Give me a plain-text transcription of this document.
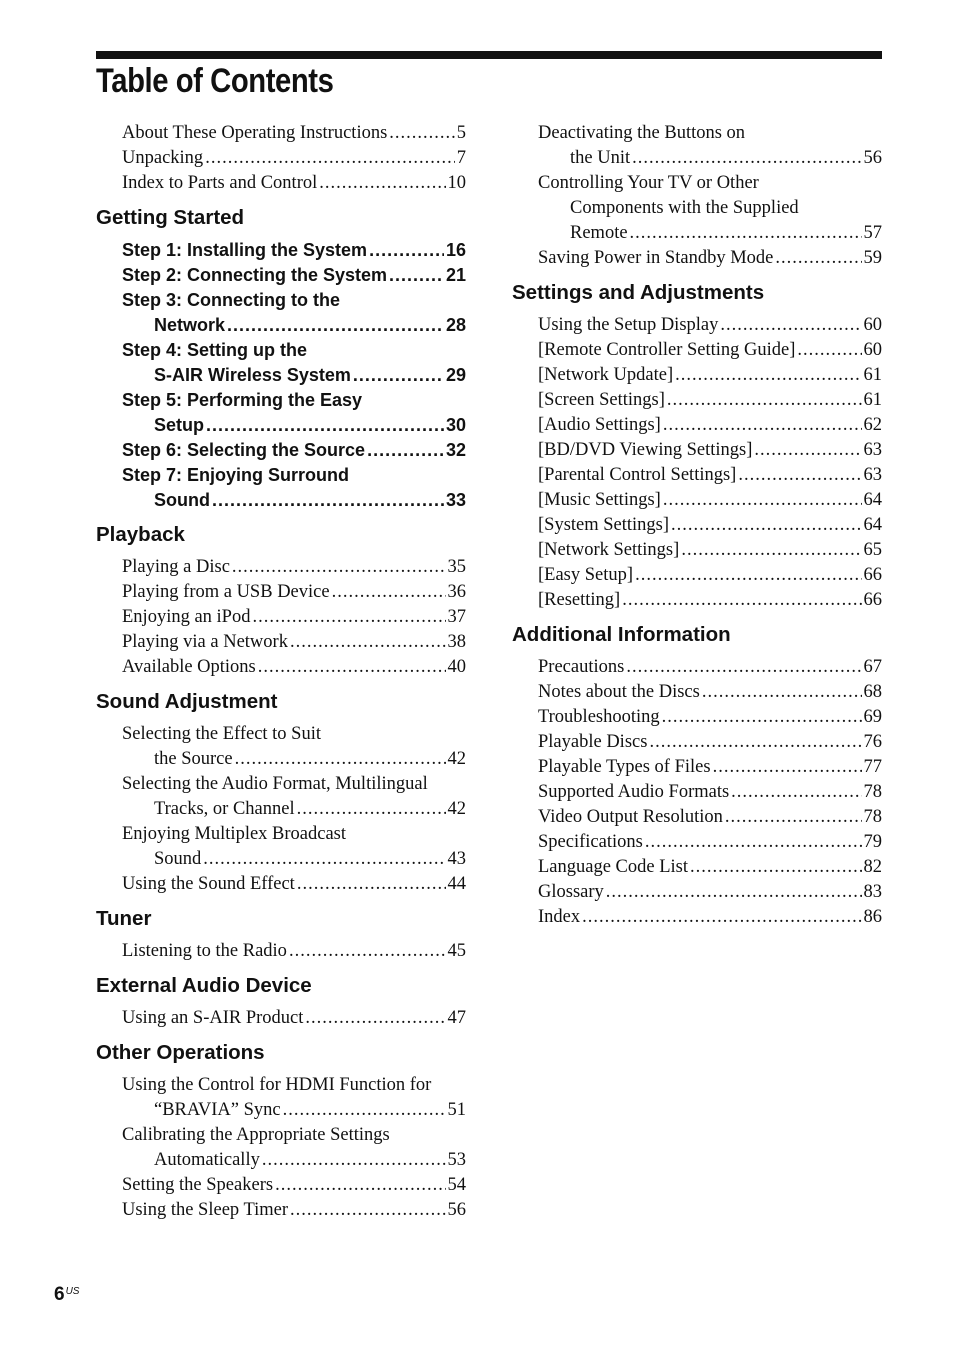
Table of Contents
About These Operating Instructions .....	5
Unpacking .....	7
Index to Parts and Control .....	10
Getting Started
Step 1: Installing the System .....	16
Step 2: Connecting the System .....	21
Step 3: Connecting to the
Network .....	28
Step 4: Setting up the
S-AIR Wireless System .....	29
Step 5: Performing the Easy
Setup .....	30
Step 6: Selecting the Source .....	32
Step 7: Enjoying Surround
Sound .....	33
Playback
Playing a Disc .....	35
Playing from a USB Device .....	36
Enjoying an iPod .....	37
Playing via a Network .....	38
Available Options .....	40
Sound Adjustment
Selecting the Effect to Suit
the Source .....	42
Selecting the Audio Format, Multilingual
Tracks, or Channel .....	42
Enjoying Multiplex Broadcast
Sound .....	43
Using the Sound Effect .....	44
Tuner
Listening to the Radio .....	45
External Audio Device
Using an S-AIR Product .....	47
Other Operations
Using the Control for HDMI Function for
“BRAVIA” Sync .....	51
Calibrating the Appropriate Settings
Automatically .....	53
Setting the Speakers .....	54
Using the Sleep Timer .....	56
Deactivating the Buttons on
the Unit .....	56
Controlling Your TV or Other
Components with the Supplied
Remote .....	57
Saving Power in Standby Mode .....	59
Settings and Adjustments
Using the Setup Display .....	60
[Remote Controller Setting Guide] .....	60
[Network Update] .....	61
[Screen Settings] .....	61
[Audio Settings] .....	62
[BD/DVD Viewing Settings] .....	63
[Parental Control Settings] .....	63
[Music Settings] .....	64
[System Settings] .....	64
[Network Settings] .....	65
[Easy Setup] .....	66
[Resetting] .....	66
Additional Information
Precautions .....	67
Notes about the Discs .....	68
Troubleshooting .....	69
Playable Discs .....	76
Playable Types of Files .....	77
Supported Audio Formats .....	78
Video Output Resolution .....	78
Specifications .....	79
Language Code List .....	82
Glossary .....	83
Index .....	86
$6^{US}$
